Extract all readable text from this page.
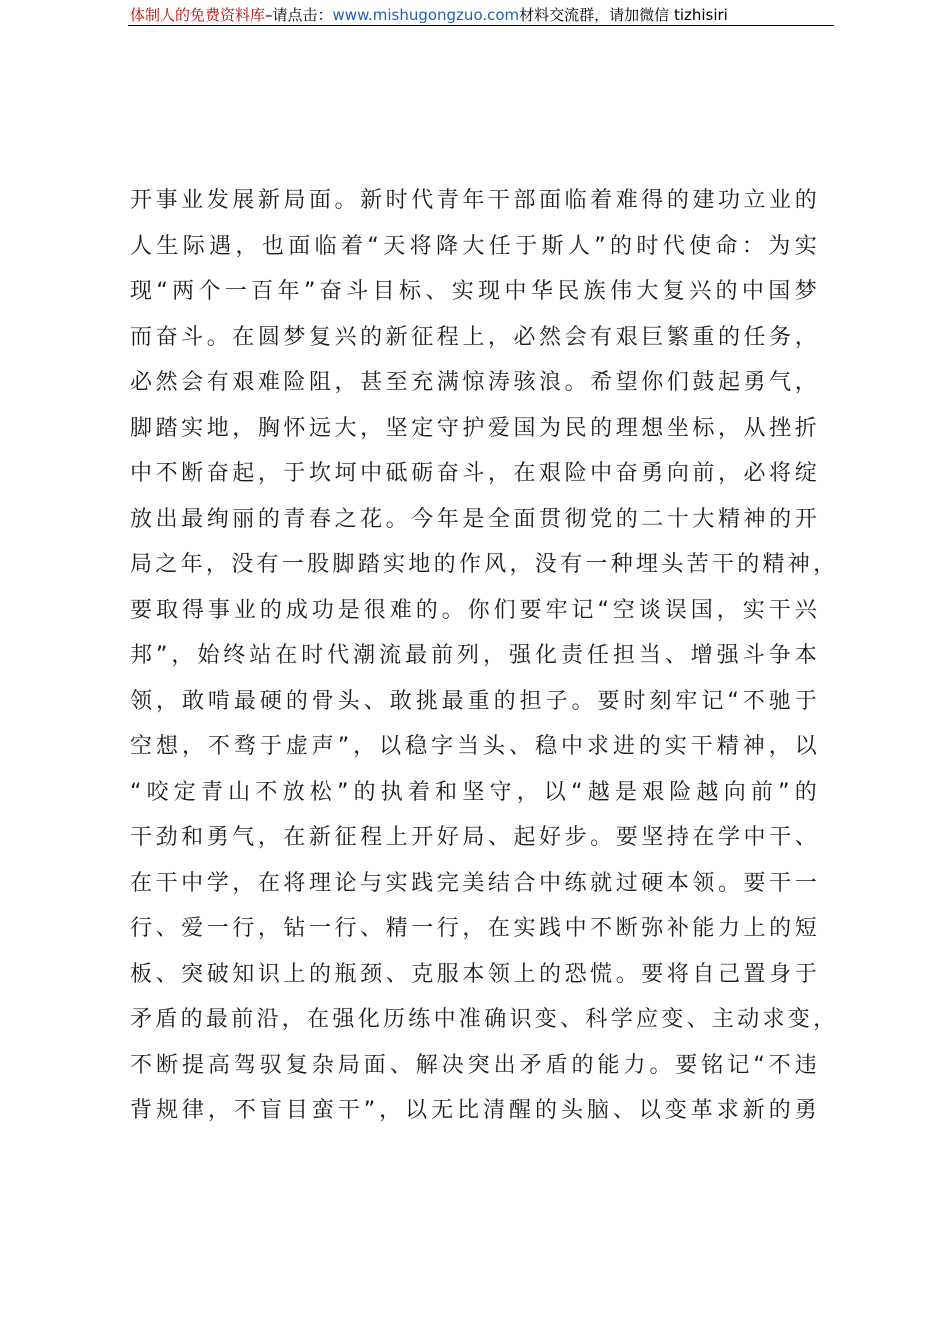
体制人的免费资料库–请点击：www.mishugongzuo.com材料交流群，请加微信 tizhisiri
开事业发展新局面。新时代青年干部面临着难得的建功立业的
人生际遇，也面临着“天将降大任于斯人”的时代使命：为实
现“两个一百年”奋斗目标、实现中华民族伟大复兴的中国梦
而奋斗。在圆梦复兴的新征程上，必然会有艰巨繁重的任务，
必然会有艰难险阻，甚至充满惊涛骇浪。希望你们鼓起勇气，
脚踏实地，胸怀远大，坚定守护爱国为民的理想坐标，从挫折
中不断奋起，于坎坷中砥砺奋斗，在艰险中奋勇向前，必将绽
放出最绚丽的青春之花。今年是全面贯彻党的二十大精神的开
局之年，没有一股脚踏实地的作风，没有一种埋头苦干的精神，
要取得事业的成功是很难的。你们要牢记“空谈误国，实干兴
邦”，始终站在时代潮流最前列，强化责任担当、增强斗争本
领，敢啃最硬的骨头、敢挑最重的担子。要时刻牢记“不驰于
空想，不骛于虚声”，以稳字当头、稳中求进的实干精神，以
“咬定青山不放松”的执着和坚守，以“越是艰险越向前”的
干劲和勇气，在新征程上开好局、起好步。要坚持在学中干、
在干中学，在将理论与实践完美结合中练就过硬本领。要干一
行、爱一行，钻一行、精一行，在实践中不断弥补能力上的短
板、突破知识上的瓶颈、克服本领上的恐慌。要将自己置身于
矛盾的最前沿，在强化历练中准确识变、科学应变、主动求变，
不断提高驾驭复杂局面、解决突出矛盾的能力。要铭记“不违
背规律，不盲目蛮干”，以无比清醒的头脑、以变革求新的勇
